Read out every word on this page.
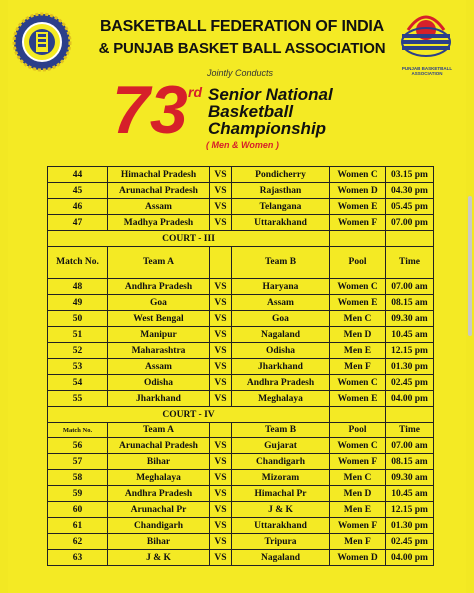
PUNJAB BASKETBALL ASSOCIATION
BASKETBALL FEDERATION OF INDIA
& PUNJAB BASKET BALL ASSOCIATION
Jointly Conducts
73 rd Senior National
Basketball
Championship
( Men & Women )
44	Himachal Pradesh	VS	Pondicherry	Women C	03.15 pm
45	Arunachal Pradesh	VS	Rajasthan	Women D	04.30 pm
46	Assam	VS	Telangana	Women E	05.45 pm
47	Madhya Pradesh	VS	Uttarakhand	Women F	07.00 pm
COURT - III					
Match No.	Team A		Team B	Pool	Time
48	Andhra Pradesh	VS	Haryana	Women C	07.00 am
49	Goa	VS	Assam	Women E	08.15 am
50	West Bengal	VS	Goa	Men C	09.30 am
51	Manipur	VS	Nagaland	Men D	10.45 am
52	Maharashtra	VS	Odisha	Men E	12.15 pm
53	Assam	VS	Jharkhand	Men F	01.30 pm
54	Odisha	VS	Andhra Pradesh	Women C	02.45 pm
55	Jharkhand	VS	Meghalaya	Women E	04.00 pm
COURT - IV					
Match No.	Team A		Team B	Pool	Time
56	Arunachal Pradesh	VS	Gujarat	Women C	07.00 am
57	Bihar	VS	Chandigarh	Women F	08.15 am
58	Meghalaya	VS	Mizoram	Men C	09.30 am
59	Andhra Pradesh	VS	Himachal Pr	Men D	10.45 am
60	Arunachal Pr	VS	J & K	Men E	12.15 pm
61	Chandigarh	VS	Uttarakhand	Women F	01.30 pm
62	Bihar	VS	Tripura	Men F	02.45 pm
63	J & K	VS	Nagaland	Women D	04.00 pm
